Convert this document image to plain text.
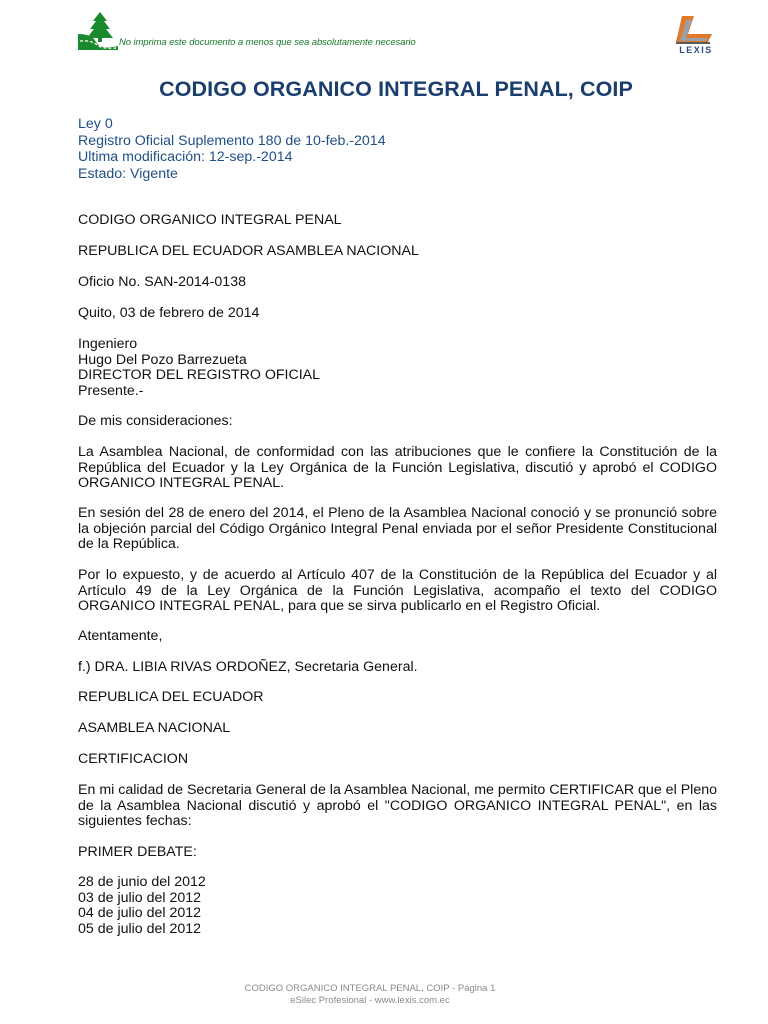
No imprima este documento a menos que sea absolutamente necesario
LEXIS
CODIGO ORGANICO INTEGRAL PENAL, COIP
Ley 0
Registro Oficial Suplemento 180 de 10-feb.-2014
Ultima modificación: 12-sep.-2014
Estado: Vigente
CODIGO ORGANICO INTEGRAL PENAL
REPUBLICA DEL ECUADOR ASAMBLEA NACIONAL
Oficio No. SAN-2014-0138
Quito, 03 de febrero de 2014
Ingeniero
Hugo Del Pozo Barrezueta
DIRECTOR DEL REGISTRO OFICIAL
Presente.-
De mis consideraciones:
La Asamblea Nacional, de conformidad con las atribuciones que le confiere la Constitución de la República del Ecuador y la Ley Orgánica de la Función Legislativa, discutió y aprobó el CODIGO ORGANICO INTEGRAL PENAL.
En sesión del 28 de enero del 2014, el Pleno de la Asamblea Nacional conoció y se pronunció sobre la objeción parcial del Código Orgánico Integral Penal enviada por el señor Presidente Constitucional de la República.
Por lo expuesto, y de acuerdo al Artículo 407 de la Constitución de la República del Ecuador y al Artículo 49 de la Ley Orgánica de la Función Legislativa, acompaño el texto del CODIGO ORGANICO INTEGRAL PENAL, para que se sirva publicarlo en el Registro Oficial.
Atentamente,
f.) DRA. LIBIA RIVAS ORDOÑEZ, Secretaria General.
REPUBLICA DEL ECUADOR
ASAMBLEA NACIONAL
CERTIFICACION
En mi calidad de Secretaria General de la Asamblea Nacional, me permito CERTIFICAR que el Pleno de la Asamblea Nacional discutió y aprobó el "CODIGO ORGANICO INTEGRAL PENAL", en las siguientes fechas:
PRIMER DEBATE:
28 de junio del 2012
03 de julio del 2012
04 de julio del 2012
05 de julio del 2012
CODIGO ORGANICO INTEGRAL PENAL, COIP - Página 1
eSilec Profesional - www.lexis.com.ec
